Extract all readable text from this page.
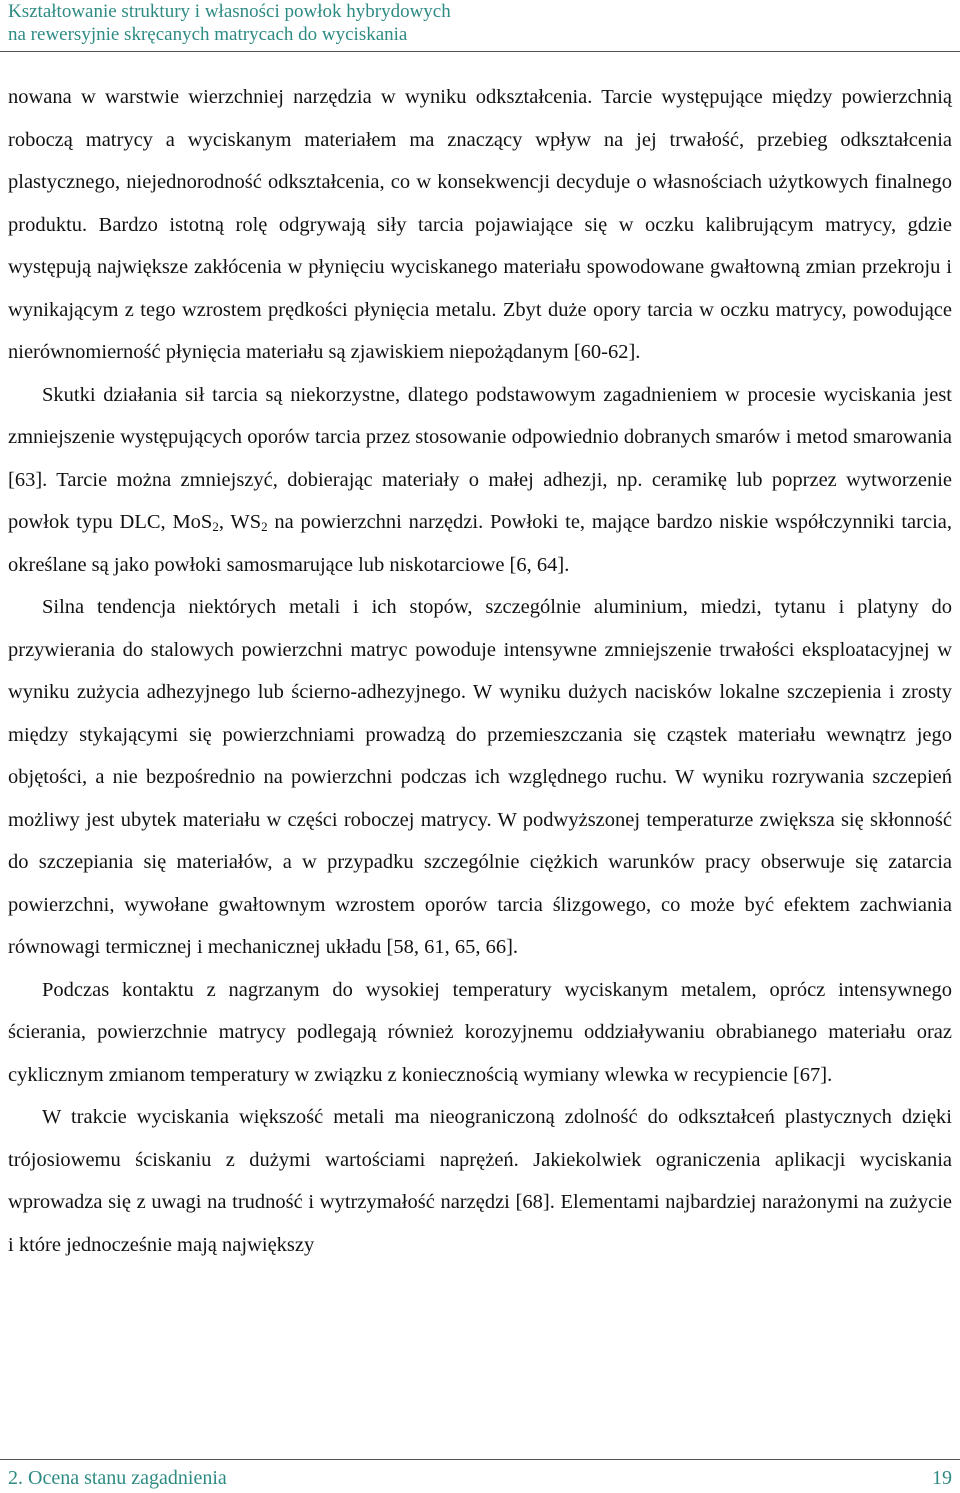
Kształtowanie struktury i własności powłok hybrydowych
na rewersyjnie skręcanych matrycach do wyciskania

nowana w warstwie wierzchniej narzędzia w wyniku odkształcenia. Tarcie występujące między powierzchnią roboczą matrycy a wyciskanym materiałem ma znaczący wpływ na jej trwałość, przebieg odkształcenia plastycznego, niejednorodność odkształcenia, co w konsekwencji decyduje o własnościach użytkowych finalnego produktu. Bardzo istotną rolę odgrywają siły tarcia pojawiające się w oczku kalibrującym matrycy, gdzie występują największe zakłócenia w płynięciu wyciskanego materiału spowodowane gwałtowną zmian przekroju i wynikającym z tego wzrostem prędkości płynięcia metalu. Zbyt duże opory tarcia w oczku matrycy, powodujące nierównomierność płynięcia materiału są zjawiskiem niepożądanym [60-62].

Skutki działania sił tarcia są niekorzystne, dlatego podstawowym zagadnieniem w procesie wyciskania jest zmniejszenie występujących oporów tarcia przez stosowanie odpowiednio dobranych smarów i metod smarowania [63]. Tarcie można zmniejszyć, dobierając materiały o małej adhezji, np. ceramikę lub poprzez wytworzenie powłok typu DLC, MoS$_2$, $WS_2$ na powierzchni narzędzi. Powłoki te, mające bardzo niskie współczynniki tarcia, określane są jako powłoki samosmarujące lub niskotarciowe [6, 64].

Silna tendencja niektórych metali i ich stopów, szczególnie aluminium, miedzi, tytanu i platyny do przywierania do stalowych powierzchni matryc powoduje intensywne zmniejszenie trwałości eksploatacyjnej w wyniku zużycia adhezyjnego lub ścierno-adhezyjnego. W wyniku dużych nacisków lokalne szczepienia i zrosty między stykającymi się powierzchniami prowadzą do przemieszczania się cząstek materiału wewnątrz jego objętości, a nie bezpośrednio na powierzchni podczas ich względnego ruchu. W wyniku rozrywania szczepień możliwy jest ubytek materiału w części roboczej matrycy. W podwyższonej temperaturze zwiększa się skłonność do szczepiania się materiałów, a w przypadku szczególnie ciężkich warunków pracy obserwuje się zatarcia powierzchni, wywołane gwałtownym wzrostem oporów tarcia ślizgowego, co może być efektem zachwiania równowagi termicznej i mechanicznej układu [58, 61, 65, 66].

Podczas kontaktu z nagrzanym do wysokiej temperatury wyciskanym metalem, oprócz intensywnego ścierania, powierzchnie matrycy podlegają również korozyjnemu oddziaływaniu obrabianego materiału oraz cyklicznym zmianom temperatury w związku z koniecznością wymiany wlewka w recypiencie [67].

W trakcie wyciskania większość metali ma nieograniczoną zdolność do odkształceń plastycznych dzięki trójosiowemu ściskaniu z dużymi wartościami naprężeń. Jakiekolwiek ograniczenia aplikacji wyciskania wprowadza się z uwagi na trudność i wytrzymałość narzędzi [68]. Elementami najbardziej narażonymi na zużycie i które jednocześnie mają największy

2. Ocena stanu zagadnienia	19
